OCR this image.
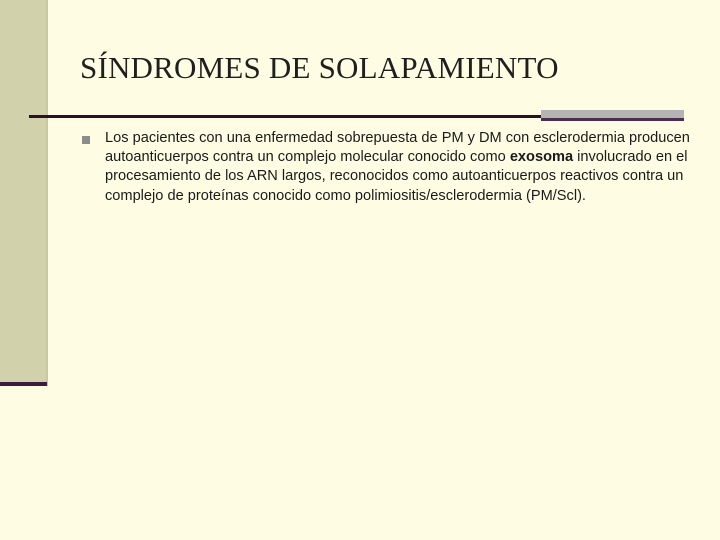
SÍNDROMES DE SOLAPAMIENTO
Los pacientes con una enfermedad sobrepuesta de PM y DM con esclerodermia producen autoanticuerpos contra un complejo molecular conocido como exosoma involucrado en el procesamiento de los ARN largos, reconocidos como autoanticuerpos reactivos contra un complejo de proteínas conocido como polimiositis/esclerodermia (PM/Scl).
